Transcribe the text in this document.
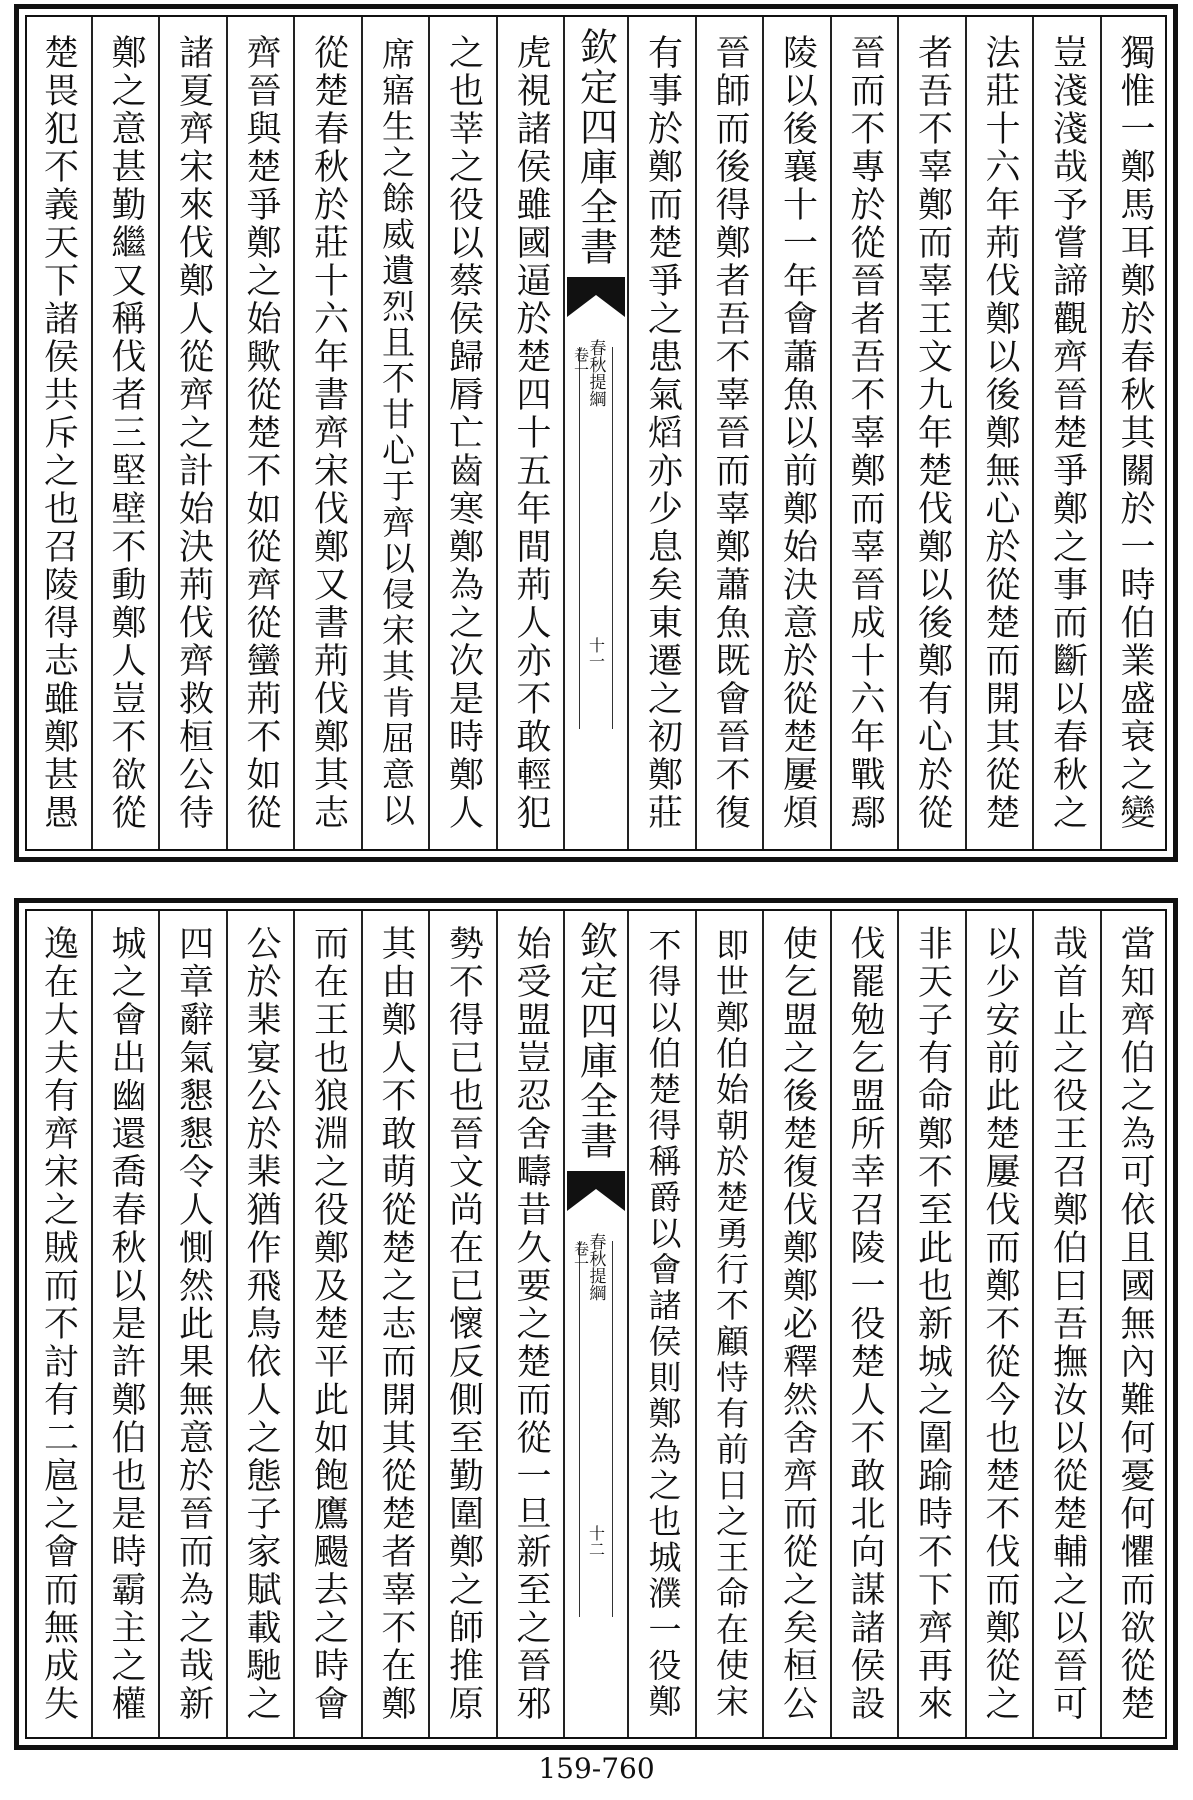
獨惟一鄭馬耳鄭於春秋其關於一時伯業盛衰之變
豈淺淺哉予嘗諦觀齊晉楚爭鄭之事而斷以春秋之
法莊十六年荊伐鄭以後鄭無心於從楚而開其從楚
者吾不辜鄭而辜王文九年楚伐鄭以後鄭有心於從
晉而不專於從晉者吾不辜鄭而辜晉成十六年戰鄢
陵以後襄十一年會蕭魚以前鄭始決意於從楚屢煩
晉師而後得鄭者吾不辜晉而辜鄭蕭魚既會晉不復
有事於鄭而楚爭之患氣熖亦少息矣東遷之初鄭莊
欽定四庫全書
春秋提綱
卷一
十一
虎視諸侯雖國逼於楚四十五年間荊人亦不敢輕犯
之也莘之役以蔡侯歸脣亡齒寒鄭為之次是時鄭人
席寤生之餘威遺烈且不甘心于齊以侵宋其肯屈意以
從楚春秋於莊十六年書齊宋伐鄭又書荊伐鄭其志
齊晉與楚爭鄭之始歟從楚不如從齊從蠻荊不如從
諸夏齊宋來伐鄭人從齊之計始決荊伐齊救桓公待
鄭之意甚勤繼又稱伐者三堅壁不動鄭人豈不欲從
楚畏犯不義天下諸侯共斥之也召陵得志雖鄭甚愚
當知齊伯之為可依且國無內難何憂何懼而欲從楚
哉首止之役王召鄭伯曰吾撫汝以從楚輔之以晉可
以少安前此楚屢伐而鄭不從今也楚不伐而鄭從之
非天子有命鄭不至此也新城之圍踰時不下齊再來
伐罷勉乞盟所幸召陵一役楚人不敢北向謀諸侯設
使乞盟之後楚復伐鄭鄭必釋然舍齊而從之矣桓公
即世鄭伯始朝於楚勇行不顧恃有前日之王命在使宋
不得以伯楚得稱爵以會諸侯則鄭為之也城濮一役鄭
欽定四庫全書
春秋提綱
卷一
十二
始受盟豈忍舍疇昔久要之楚而從一旦新至之晉邪
勢不得已也晉文尚在已懷反側至勤圍鄭之師推原
其由鄭人不敢萌從楚之志而開其從楚者辜不在鄭
而在王也狼淵之役鄭及楚平此如飽鷹颺去之時會
公於棐宴公於棐猶作飛鳥依人之態子家賦載馳之
四章辭氣懇懇令人惻然此果無意於晉而為之哉新
城之會出幽還喬春秋以是許鄭伯也是時霸主之權
逸在大夫有齊宋之賊而不討有二扈之會而無成失
159-760
